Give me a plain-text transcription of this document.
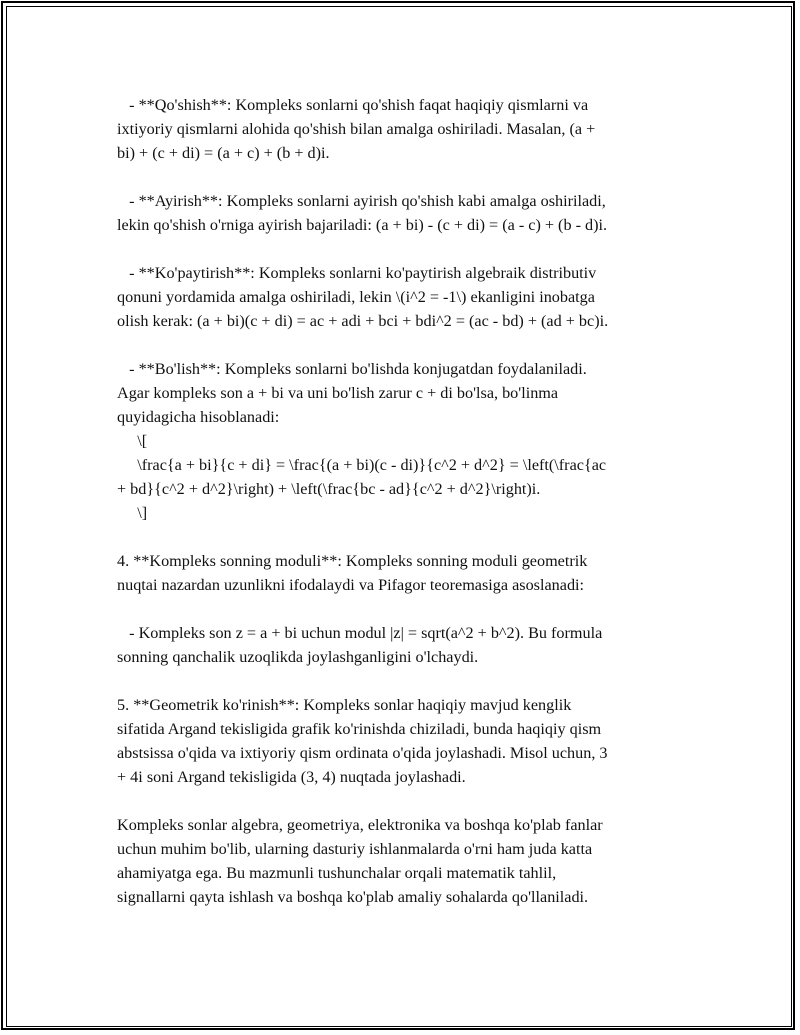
- **Qo'shish**: Kompleks sonlarni qo'shish faqat haqiqiy qismlarni va
ixtiyoriy qismlarni alohida qo'shish bilan amalga oshiriladi. Masalan, (a +
bi) + (c + di) = (a + c) + (b + d)i.

- **Ayirish**: Kompleks sonlarni ayirish qo'shish kabi amalga oshiriladi,
lekin qo'shish o'rniga ayirish bajariladi: (a + bi) - (c + di) = (a - c) + (b - d)i.

- **Ko'paytirish**: Kompleks sonlarni ko'paytirish algebraik distributiv
qonuni yordamida amalga oshiriladi, lekin \(i^2 = -1\) ekanligini inobatga
olish kerak: (a + bi)(c + di) = ac + adi + bci + bdi^2 = (ac - bd) + (ad + bc)i.

- **Bo'lish**: Kompleks sonlarni bo'lishda konjugatdan foydalaniladi.
Agar kompleks son a + bi va uni bo'lish zarur c + di bo'lsa, bo'linma
quyidagicha hisoblanadi:
\[
\frac{a + bi}{c + di} = \frac{(a + bi)(c - di)}{c^2 + d^2} = \left(\frac{ac
+ bd}{c^2 + d^2}\right) + \left(\frac{bc - ad}{c^2 + d^2}\right)i.
\]

4. **Kompleks sonning moduli**: Kompleks sonning moduli geometrik
nuqtai nazardan uzunlikni ifodalaydi va Pifagor teoremasiga asoslanadi:

- Kompleks son z = a + bi uchun modul |z| = sqrt(a^2 + b^2). Bu formula
sonning qanchalik uzoqlikda joylashganligini o'lchaydi.

5. **Geometrik ko'rinish**: Kompleks sonlar haqiqiy mavjud kenglik
sifatida Argand tekisligida grafik ko'rinishda chiziladi, bunda haqiqiy qism
abstsissa o'qida va ixtiyoriy qism ordinata o'qida joylashadi. Misol uchun, 3
+ 4i soni Argand tekisligida (3, 4) nuqtada joylashadi.

Kompleks sonlar algebra, geometriya, elektronika va boshqa ko'plab fanlar
uchun muhim bo'lib, ularning dasturiy ishlanmalarda o'rni ham juda katta
ahamiyatga ega. Bu mazmunli tushunchalar orqali matematik tahlil,
signallarni qayta ishlash va boshqa ko'plab amaliy sohalarda qo'llaniladi.
